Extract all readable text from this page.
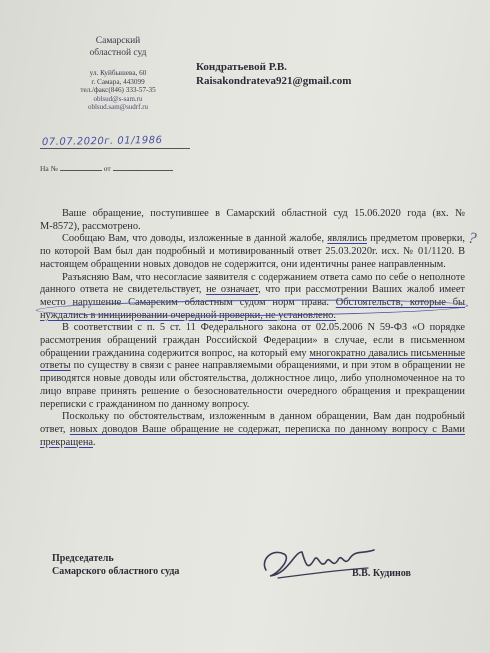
Самарский
областной суд
ул. Куйбышева, 60
г. Самара, 443099
тел./факс(846) 333-57-35
oblsud@s-sam.ru
oblsud.sam@sudrf.ru
07.07.2020г. 01/1986
На №	от
Кондратьевой Р.В.
Raisakondrateva921@gmail.com

Ваше обращение, поступившее в Самарский областной суд 15.06.2020 года (вх. № М-8572), рассмотрено.

Сообщаю Вам, что доводы, изложенные в данной жалобе, являлись предметом проверки, по которой Вам был дан подробный и мотивированный ответ 25.03.2020г. исх. № 01/1120. В настоящем обращении новых доводов не содержится, они идентичны ранее направленным.

Разъясняю Вам, что несогласие заявителя с содержанием ответа само по себе о неполноте данного ответа не свидетельствует, не означает, что при рассмотрении Ваших жалоб имеет место нарушение Самарским областным судом норм права. Обстоятельств, которые бы нуждались в инициировании очередной проверки, не установлено.

В соответствии с п. 5 ст. 11 Федерального закона от 02.05.2006 N 59-ФЗ «О порядке рассмотрения обращений граждан Российской Федерации» в случае, если в письменном обращении гражданина содержится вопрос, на который ему многократно давались письменные ответы по существу в связи с ранее направляемыми обращениями, и при этом в обращении не приводятся новые доводы или обстоятельства, должностное лицо, либо уполномоченное на то лицо вправе принять решение о безосновательности очередного обращения и прекращении переписки с гражданином по данному вопросу.

Поскольку по обстоятельствам, изложенным в данном обращении, Вам дан подробный ответ, новых доводов Ваше обращение не содержат, переписка по данному вопросу с Вами прекращена.

?
Председатель
Самарского областного суда	В.В. Кудинов
